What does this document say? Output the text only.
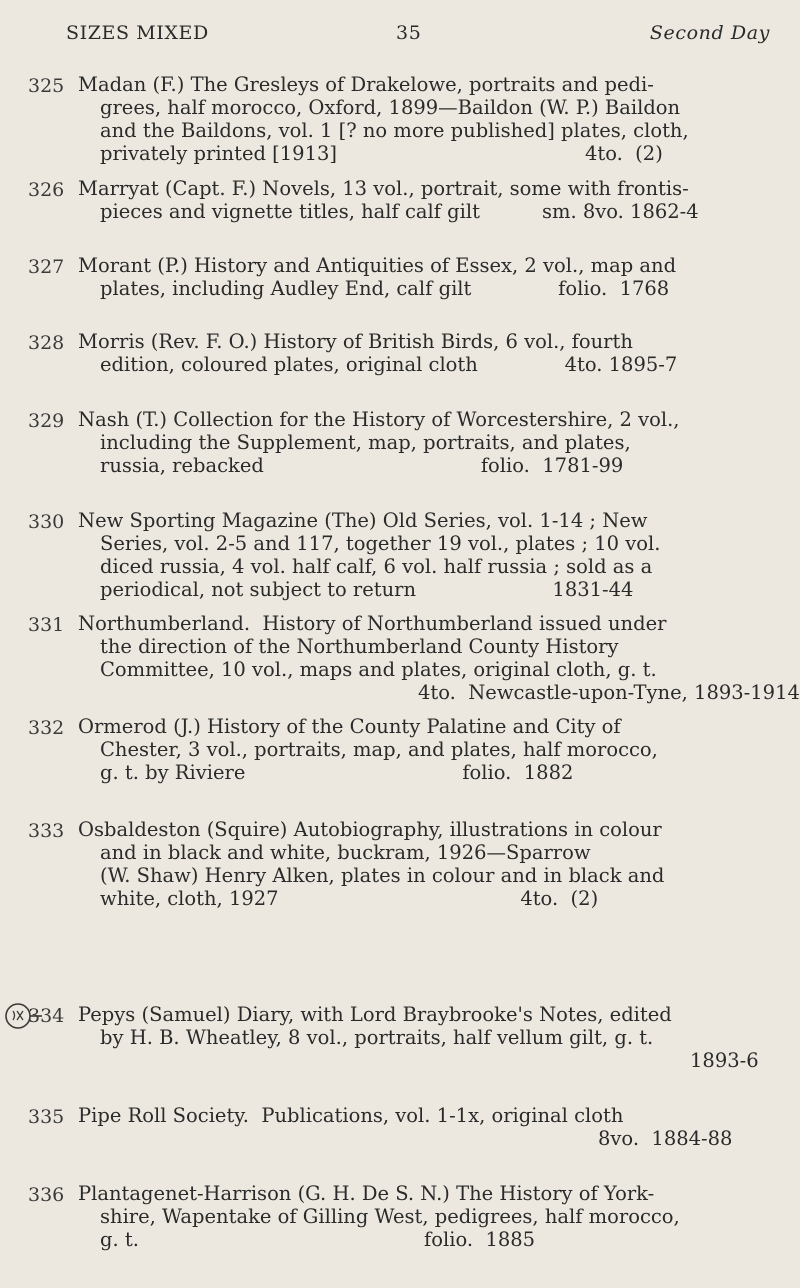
SIZES MIXED	35	Second Day
325 Madan (F.) The Gresleys of Drakelowe, portraits and pedi-
grees, half morocco, Oxford, 1899—Baildon (W. P.) Baildon
and the Baildons, vol. 1 [? no more published] plates, cloth,
privately printed [1913]                                        4to.  (2)
326 Marryat (Capt. F.) Novels, 13 vol., portrait, some with frontis-
pieces and vignette titles, half calf gilt          sm. 8vo. 1862-4
327 Morant (P.) History and Antiquities of Essex, 2 vol., map and
plates, including Audley End, calf gilt              folio.  1768
328 Morris (Rev. F. O.) History of British Birds, 6 vol., fourth
edition, coloured plates, original cloth              4to. 1895-7
329 Nash (T.) Collection for the History of Worcestershire, 2 vol.,
including the Supplement, map, portraits, and plates,
russia, rebacked                                   folio.  1781-99
330 New Sporting Magazine (The) Old Series, vol. 1-14 ; New
Series, vol. 2-5 and 117, together 19 vol., plates ; 10 vol.
diced russia, 4 vol. half calf, 6 vol. half russia ; sold as a
periodical, not subject to return                      1831-44
331 Northumberland.  History of Northumberland issued under
the direction of the Northumberland County History
Committee, 10 vol., maps and plates, original cloth, g. t.
4to.  Newcastle-upon-Tyne, 1893-1914
332 Ormerod (J.) History of the County Palatine and City of
Chester, 3 vol., portraits, map, and plates, half morocco,
g. t. by Riviere                                   folio.  1882
333 Osbaldeston (Squire) Autobiography, illustrations in colour
and in black and white, buckram, 1926—Sparrow
(W. Shaw) Henry Alken, plates in colour and in black and
white, cloth, 1927                                       4to.  (2)
334 Pepys (Samuel) Diary, with Lord Braybrooke's Notes, edited
by H. B. Wheatley, 8 vol., portraits, half vellum gilt, g. t.
1893-6
335 Pipe Roll Society.  Publications, vol. 1-1x, original cloth
8vo.  1884-88
336 Plantagenet-Harrison (G. H. De S. N.) The History of York-
shire, Wapentake of Gilling West, pedigrees, half morocco,
g. t.                                              folio.  1885
